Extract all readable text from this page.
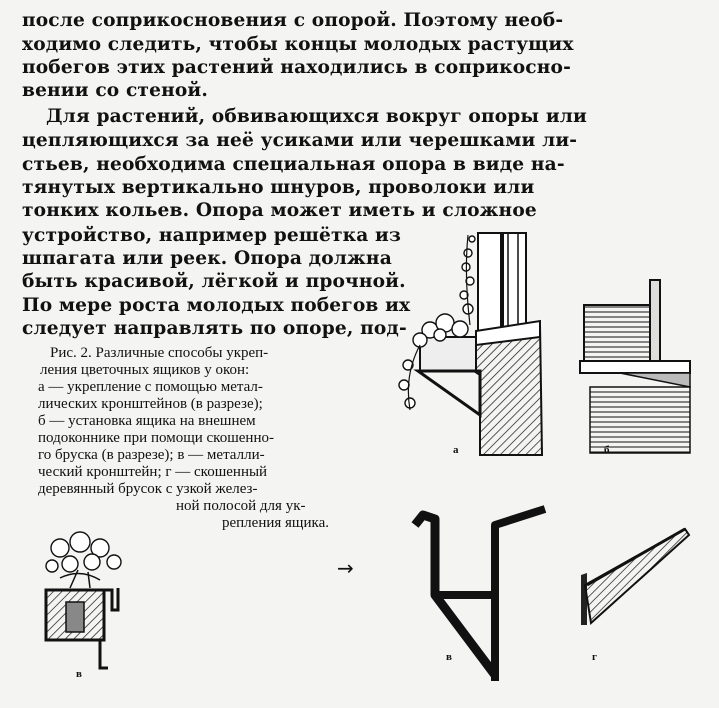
после соприкосновения с опорой. Поэтому необ-
ходимо следить, чтобы концы молодых растущих
побегов этих растений находились в соприкосно-
вении со стеной.
Для растений, обвивающихся вокруг опоры или
цепляющихся за неё усиками или черешками ли-
стьев, необходима специальная опора в виде на-
тянутых вертикально шнуров, проволоки или
тонких кольев. Опора может иметь и сложное
устройство, например решётка из
шпагата или реек. Опора должна
быть красивой, лёгкой и прочной.
По мере роста молодых побегов их
следует направлять по опоре, под-
Рис. 2. Различные способы укреп-
ления цветочных ящиков у окон:
а — укрепление с помощью метал-
лических кронштейнов (в разрезе);
б — установка ящика на внешнем
подоконнике при помощи скошенно-
го бруска (в разрезе); в — металли-
ческий кронштейн; г — скошенный
деревянный брусок с узкой желез-
ной полосой для ук-
репления ящика.
а	б
→
в
в	г
